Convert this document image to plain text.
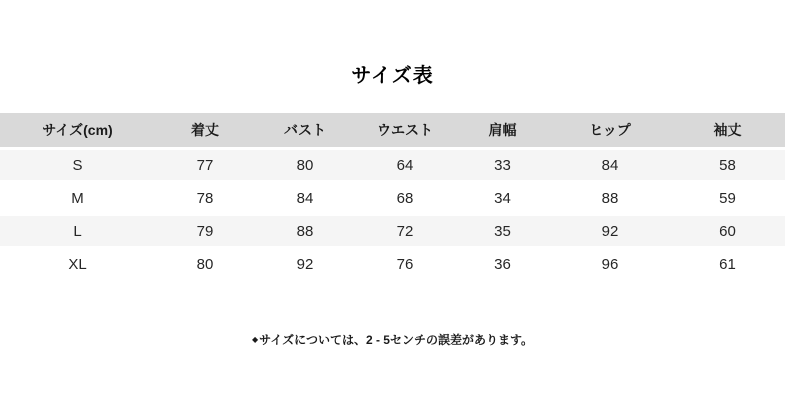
サイズ表
サイズ(cm)	着丈	バスト	ウエスト	肩幅	ヒップ	袖丈
S	77	80	64	33	84	58
M	78	84	68	34	88	59
L	79	88	72	35	92	60
XL	80	92	76	36	96	61
◆サイズについては、2 - 5センチの誤差があります。
